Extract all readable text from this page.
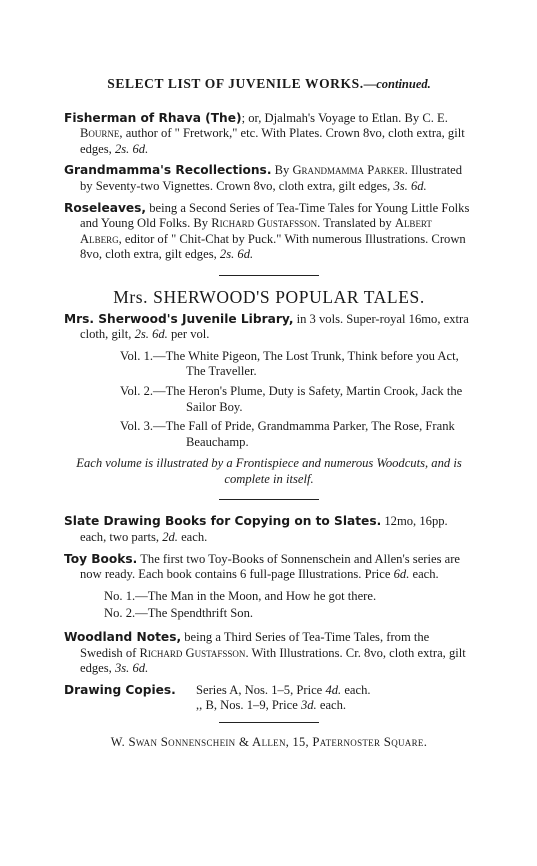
SELECT LIST OF JUVENILE WORKS.—continued.
Fisherman of Rhava (The); or, Djalmah's Voyage to Etlan. By C. E. Bourne, author of " Fretwork," etc. With Plates. Crown 8vo, cloth extra, gilt edges, 2s. 6d.
Grandmamma's Recollections. By Grandmamma Parker. Illustrated by Seventy-two Vignettes. Crown 8vo, cloth extra, gilt edges, 3s. 6d.
Roseleaves, being a Second Series of Tea-Time Tales for Young Little Folks and Young Old Folks. By Richard Gustafsson. Translated by Albert Alberg, editor of " Chit-Chat by Puck." With numerous Illustrations. Crown 8vo, cloth extra, gilt edges, 2s. 6d.
Mrs. SHERWOOD'S POPULAR TALES.
Mrs. Sherwood's Juvenile Library, in 3 vols. Super-royal 16mo, extra cloth, gilt, 2s. 6d. per vol.
Vol. 1.—The White Pigeon, The Lost Trunk, Think before you Act, The Traveller.
Vol. 2.—The Heron's Plume, Duty is Safety, Martin Crook, Jack the Sailor Boy.
Vol. 3.—The Fall of Pride, Grandmamma Parker, The Rose, Frank Beauchamp.
Each volume is illustrated by a Frontispiece and numerous Woodcuts, and is complete in itself.
Slate Drawing Books for Copying on to Slates. 12mo, 16pp. each, two parts, 2d. each.
Toy Books. The first two Toy-Books of Sonnenschein and Allen's series are now ready. Each book contains 6 full-page Illustrations. Price 6d. each.
No. 1.—The Man in the Moon, and How he got there.
No. 2.—The Spendthrift Son.
Woodland Notes, being a Third Series of Tea-Time Tales, from the Swedish of Richard Gustafsson. With Illustrations. Cr. 8vo, cloth extra, gilt edges, 3s. 6d.
Drawing Copies.	Series A, Nos. 1–5, Price 4d. each.
,, B, Nos. 1–9, Price 3d. each.
W. Swan Sonnenschein & Allen, 15, Paternoster Square.
